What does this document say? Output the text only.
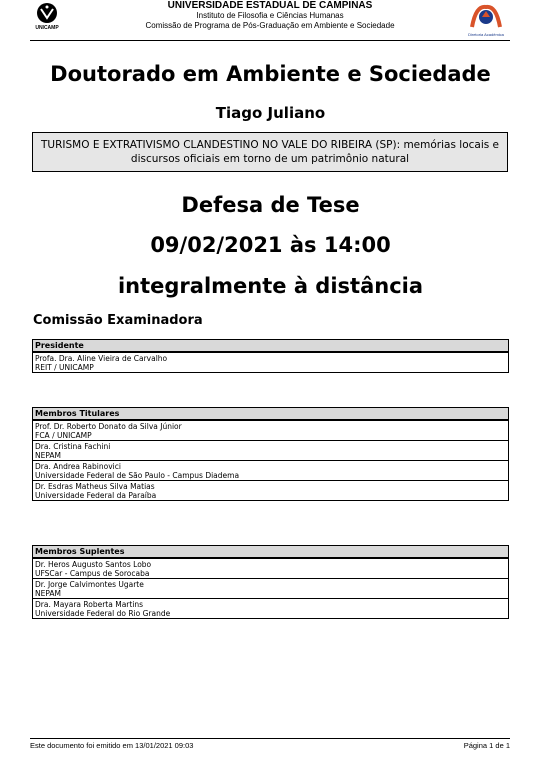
UNICAMP
UNIVERSIDADE ESTADUAL DE CAMPINAS
Instituto de Filosofia e Ciências Humanas
Comissão de Programa de Pós-Graduação em Ambiente e Sociedade
Diretoria Acadêmica
Doutorado em Ambiente e Sociedade
Tiago Juliano
TURISMO E EXTRATIVISMO CLANDESTINO NO VALE DO RIBEIRA (SP): memórias locais e discursos oficiais em torno de um patrimônio natural
Defesa de Tese
09/02/2021 às 14:00
integralmente à distância
Comissão Examinadora
Presidente
Profa. Dra. Aline Vieira de Carvalho
REIT / UNICAMP
Membros Titulares
Prof. Dr. Roberto Donato da Silva Júnior
FCA / UNICAMP
Dra. Cristina Fachini
NEPAM
Dra. Andrea Rabinovici
Universidade Federal de São Paulo - Campus Diadema
Dr. Esdras Matheus Silva Matias
Universidade Federal da Paraíba
Membros Suplentes
Dr. Heros Augusto Santos Lobo
UFSCar - Campus de Sorocaba
Dr. Jorge Calvimontes Ugarte
NEPAM
Dra. Mayara Roberta Martins
Universidade Federal do Rio Grande
Este documento foi emitido em 13/01/2021 09:03	Página 1 de 1
